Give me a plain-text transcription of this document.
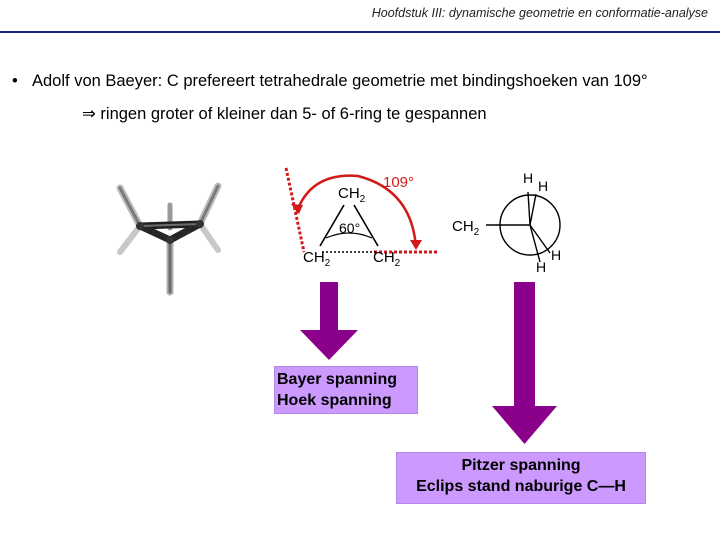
Hoofdstuk III: dynamische geometrie en conformatie-analyse
• Adolf von Baeyer: C prefereert tetrahedrale geometrie met bindingshoeken van 109°
⇒ ringen groter of kleiner dan 5- of 6-ring te gespannen
$CH_2$
$CH_2$	$CH_2$
60°
109°	H H
H
H
$CH_2$
Bayer spanning
Hoek spanning
Pitzer spanning
Eclips stand naburige C—H
